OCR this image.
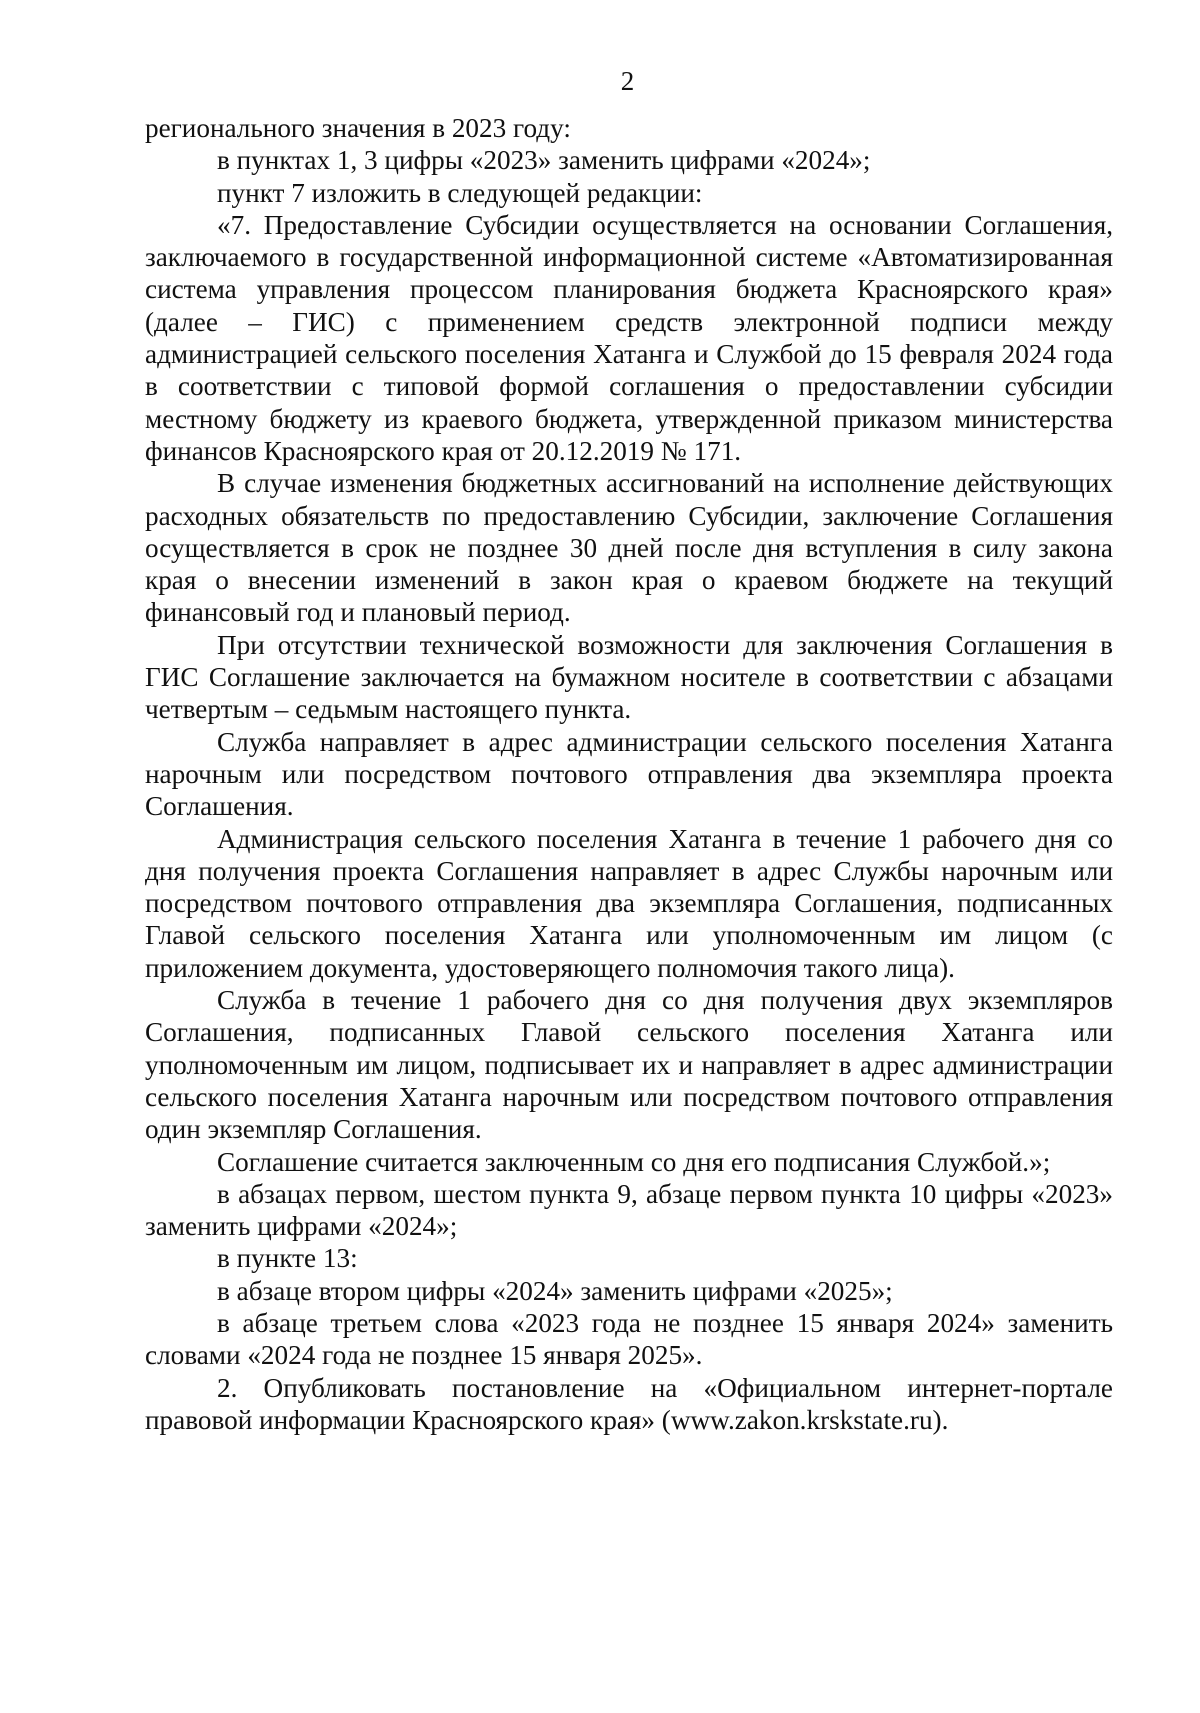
2

регионального значения в 2023 году:

в пунктах 1, 3 цифры «2023» заменить цифрами «2024»;

пункт 7 изложить в следующей редакции:

«7. Предоставление Субсидии осуществляется на основании Соглашения, заключаемого в государственной информационной системе «Автоматизированная система управления процессом планирования бюджета Красноярского края» (далее – ГИС) с применением средств электронной подписи между администрацией сельского поселения Хатанга и Службой до 15 февраля 2024 года в соответствии с типовой формой соглашения о предоставлении субсидии местному бюджету из краевого бюджета, утвержденной приказом министерства финансов Красноярского края от 20.12.2019 № 171.

В случае изменения бюджетных ассигнований на исполнение действующих расходных обязательств по предоставлению Субсидии, заключение Соглашения осуществляется в срок не позднее 30 дней после дня вступления в силу закона края о внесении изменений в закон края о краевом бюджете на текущий финансовый год и плановый период.

При отсутствии технической возможности для заключения Соглашения в ГИС Соглашение заключается на бумажном носителе в соответствии с абзацами четвертым – седьмым настоящего пункта.

Служба направляет в адрес администрации сельского поселения Хатанга нарочным или посредством почтового отправления два экземпляра проекта Соглашения.

Администрация сельского поселения Хатанга в течение 1 рабочего дня со дня получения проекта Соглашения направляет в адрес Службы нарочным или посредством почтового отправления два экземпляра Соглашения, подписанных Главой сельского поселения Хатанга или уполномоченным им лицом (с приложением документа, удостоверяющего полномочия такого лица).

Служба в течение 1 рабочего дня со дня получения двух экземпляров Соглашения, подписанных Главой сельского поселения Хатанга или уполномоченным им лицом, подписывает их и направляет в адрес администрации сельского поселения Хатанга нарочным или посредством почтового отправления один экземпляр Соглашения.

Соглашение считается заключенным со дня его подписания Службой.»;

в абзацах первом, шестом пункта 9, абзаце первом пункта 10 цифры «2023» заменить цифрами «2024»;

в пункте 13:

в абзаце втором цифры «2024» заменить цифрами «2025»;

в абзаце третьем слова «2023 года не позднее 15 января 2024» заменить словами «2024 года не позднее 15 января 2025».

2. Опубликовать постановление на «Официальном интернет-портале правовой информации Красноярского края» (www.zakon.krskstate.ru).
